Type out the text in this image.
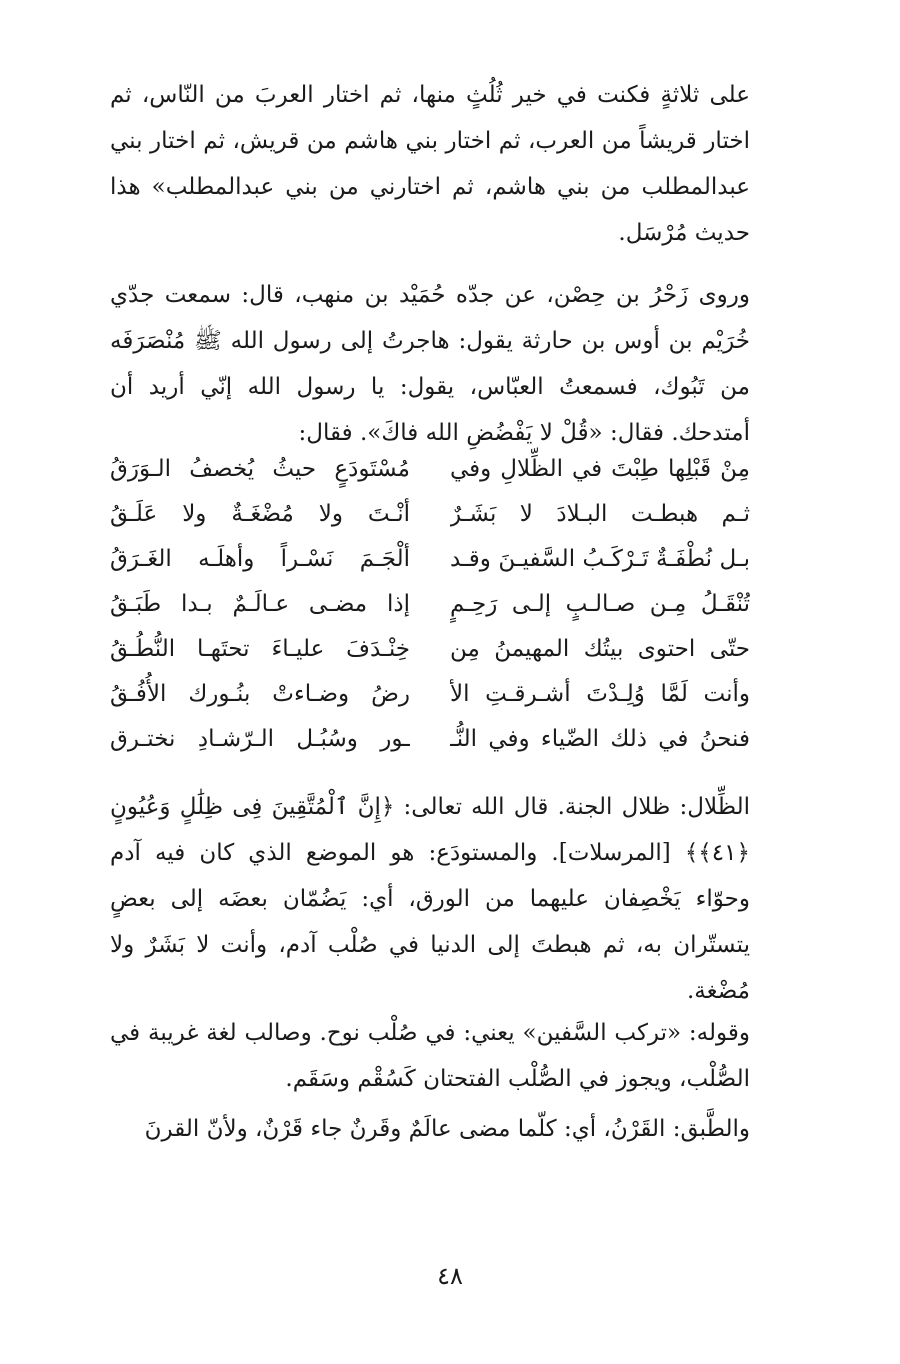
على ثلاثةٍ فكنت في خير ثُلُثٍ منها، ثم اختار العربَ من النّاس، ثم اختار قريشاً من العرب، ثم اختار بني هاشم من قريش، ثم اختار بني عبدالمطلب من بني هاشم، ثم اختارني من بني عبدالمطلب» هذا حديث مُرْسَل.

وروى زَحْرُ بن حِصْن، عن جدّه حُمَيْد بن منهب، قال: سمعت جدّي خُرَيْم بن أوس بن حارثة يقول: هاجرتُ إلى رسول الله ﷺ مُنْصَرَفَه من تَبُوك، فسمعتُ العبّاس، يقول: يا رسول الله إنّي أريد أن أمتدحك. فقال: «قُلْ لا يَفْضُضِ الله فاكَ». فقال:

مِنْ قَبْلِها طِبْتَ في الظِّلالِ وفي
مُسْتَودَعٍ حيثُ يُخصفُ الـوَرَقُ
ثـم هبطـت البـلادَ لا بَشَـرٌ
أنْـتَ ولا مُضْغَـةٌ ولا عَلَـقُ
بـل نُطْفَـةٌ تَـرْكَـبُ السَّفيـنَ وقـد
ألْجَـمَ نَسْـراً وأهلَـه الغَـرَقُ
تُنْقَـلُ مِـن صـالـبٍ إلـى رَحِـمٍ
إذا مضـى عـالَـمٌ بـدا طَبَـقُ
حتّى احتوى بيتُك المهيمنُ مِن
خِنْـدَفَ عليـاءَ تحتَهـا النُّطُـقُ
وأنت لَمَّا وُلِـدْتَ أشـرقـتِ الأ
رضُ وضـاءتْ بنُـورك الأُفُـقُ
فنحنُ في ذلك الضّياء وفي النُّـ
ـور وسُبُـل الـرّشـادِ نختـرق

الظِّلال: ظلال الجنة. قال الله تعالى: ﴿إِنَّ ٱلْمُتَّقِينَ فِى ظِلَٰلٍ وَعُيُونٍ ﴿٤١﴾﴾ [المرسلات]. والمستودَع: هو الموضع الذي كان فيه آدم وحوّاء يَخْصِفان عليهما من الورق، أي: يَضُمّان بعضَه إلى بعضٍ يتستّران به، ثم هبطتَ إلى الدنيا في صُلْب آدم، وأنت لا بَشَرٌ ولا مُضْغة.

وقوله: «تركب السَّفين» يعني: في صُلْب نوح. وصالب لغة غريبة في الصُّلْب، ويجوز في الصُّلْب الفتحتان كَسُقْم وسَقَم.

والطَّبق: القَرْنُ، أي: كلّما مضى عالَمٌ وقَرنٌ جاء قَرْنٌ، ولأنّ القرنَ

٤٨
